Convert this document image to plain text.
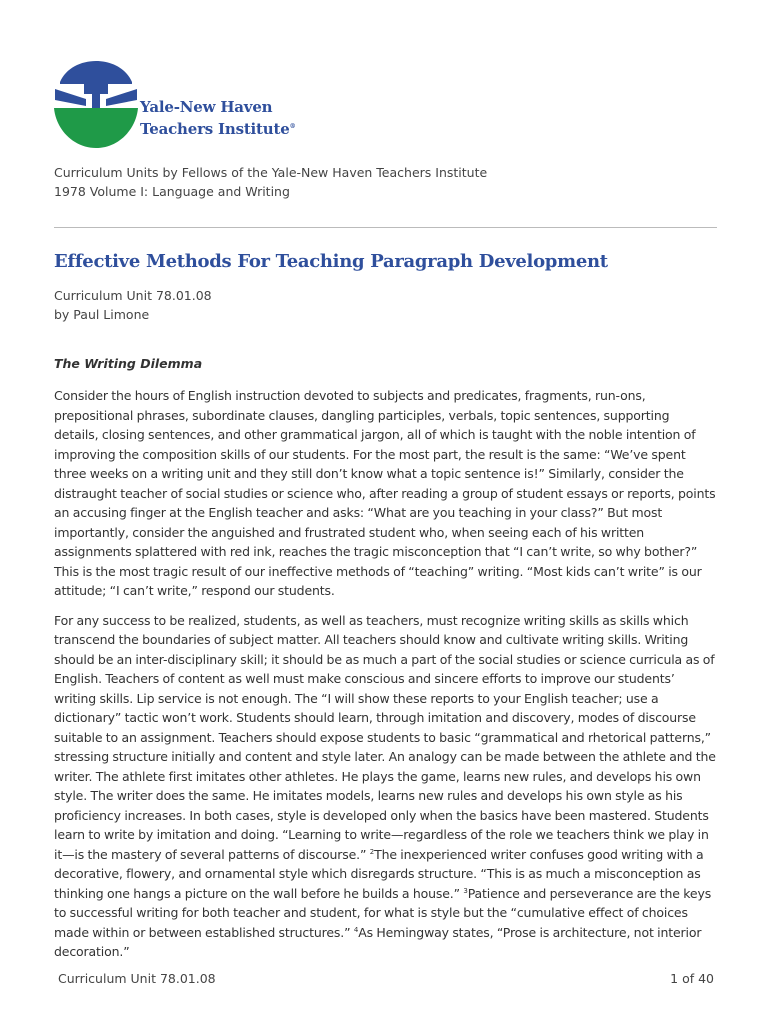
Yale-New Haven
Teachers Institute®
Curriculum Units by Fellows of the Yale-New Haven Teachers Institute
1978 Volume I: Language and Writing
Effective Methods For Teaching Paragraph Development
Curriculum Unit 78.01.08
by Paul Limone
The Writing Dilemma

Consider the hours of English instruction devoted to subjects and predicates, fragments, run-ons, prepositional phrases, subordinate clauses, dangling participles, verbals, topic sentences, supporting details, closing sentences, and other grammatical jargon, all of which is taught with the noble intention of improving the composition skills of our students. For the most part, the result is the same: “We’ve spent three weeks on a writing unit and they still don’t know what a topic sentence is!” Similarly, consider the distraught teacher of social studies or science who, after reading a group of student essays or reports, points an accusing finger at the English teacher and asks: “What are you teaching in your class?” But most importantly, consider the anguished and frustrated student who, when seeing each of his written assignments splattered with red ink, reaches the tragic misconception that “I can’t write, so why bother?” This is the most tragic result of our ineffective methods of “teaching” writing. “Most kids can’t write” is our attitude; “I can’t write,” respond our students.

For any success to be realized, students, as well as teachers, must recognize writing skills as skills which transcend the boundaries of subject matter. All teachers should know and cultivate writing skills. Writing should be an inter-disciplinary skill; it should be as much a part of the social studies or science curricula as of English. Teachers of content as well must make conscious and sincere efforts to improve our students’ writing skills. Lip service is not enough. The “I will show these reports to your English teacher; use a dictionary” tactic won’t work. Students should learn, through imitation and discovery, modes of discourse suitable to an assignment. Teachers should expose students to basic “grammatical and rhetorical patterns,” stressing structure initially and content and style later. An analogy can be made between the athlete and the writer. The athlete first imitates other athletes. He plays the game, learns new rules, and develops his own style. The writer does the same. He imitates models, learns new rules and develops his own style as his proficiency increases. In both cases, style is developed only when the basics have been mastered. Students learn to write by imitation and doing. “Learning to write—regardless of the role we teachers think we play in it—is the mastery of several patterns of discourse.” $^2$The inexperienced writer confuses good writing with a decorative, flowery, and ornamental style which disregards structure. “This is as much a misconception as thinking one hangs a picture on the wall before he builds a house.” $^3$Patience and perseverance are the keys to successful writing for both teacher and student, for what is style but the “cumulative effect of choices made within or between established structures.” $^4$As Hemingway states, “Prose is architecture, not interior decoration.”

Curriculum Unit 78.01.08	1 of 40
